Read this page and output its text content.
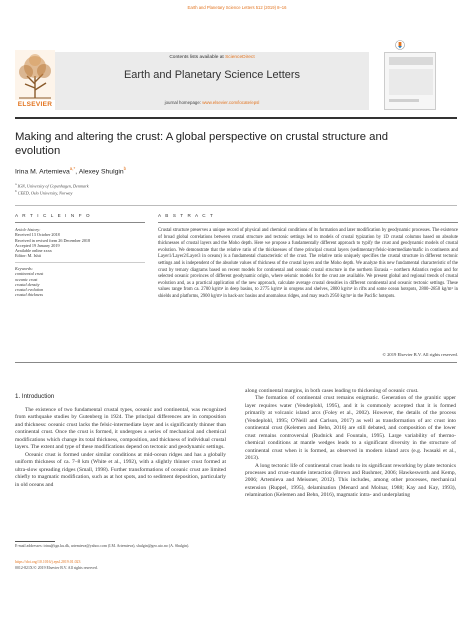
Earth and Planetary Science Letters 512 (2019) 8–16
ELSEVIER
Contents lists available at ScienceDirect
Earth and Planetary Science Letters
journal homepage: www.elsevier.com/locate/epsl
Making and altering the crust: A global perspective on crustal structure and evolution
Irina M. Artemieva$^{a,*}$, Alexey Shulgin$^b$
$^a$ IGN, University of Copenhagen, Denmark
$^b$ CEED, Oslo University, Norway
A R T I C L E I N F O	A B S T R A C T
Article history:
Received 13 October 2018
Received in revised form 26 December 2018
Accepted 19 January 2019
Available online xxxx
Editor: M. Ishii
Keywords:
continental crust
oceanic crust
crustal density
crustal evolution
crustal thickness
Crustal structure preserves a unique record of physical and chemical conditions of its formation and later modification by geodynamic processes. The existence of broad global correlations between crustal structure and tectonic settings led to models of crustal typization by 1D crustal columns based on absolute thicknesses of crustal layers and the Moho depth. Here we propose a fundamentally different approach to typify the crust and geodynamic models of crustal evolution. We demonstrate that the relative ratio of the thicknesses of three principal crustal layers (sedimentary/felsic-intermediate/mafic in continents and Layer1/Layer2/Layer3 in oceans) is a fundamental characteristic of the crust. The relative ratio uniquely specifies the crustal structure in different tectonic settings and is independent of the absolute values of thickness of the crustal layers and the Moho depth. We analyze this new fundamental characteristic of the crust by ternary diagrams based on recent models for continental and oceanic crustal structure in the northern Eurasia – northern Atlantics region and for selected oceanic provinces of different geodynamic origin, where seismic models for the crust are available. We present global and regional trends of crustal evolution and, as a practical application of the new approach, calculate average crustal densities in different continental and oceanic tectonic settings. These values range from ca. 2700 kg/m³ in deep basins, to 2775 kg/m³ in orogens and shelves, 2800 kg/m³ in rifts and some ocean hotspots, 2800–2850 kg/m³ in shields and platforms, 2900 kg/m³ in back-arc basins and anomalous ridges, and may reach 2950 kg/m³ in the Pacific hotspots.
© 2019 Elsevier B.V. All rights reserved.
1. Introduction

The existence of two fundamental crustal types, oceanic and continental, was recognized from earthquake studies by Gutenberg in 1924. The principal differences are in composition and thickness: oceanic crust lacks the felsic-intermediate layer and is significantly thinner than continental crust. Once the crust is formed, it undergoes a series of mechanical and chemical modifications which change its total thickness, composition, and thickness of individual crustal layers. The extent and type of these modifications depend on tectonic and geodynamic settings.

Oceanic crust is formed under similar conditions at mid-ocean ridges and has a globally uniform thickness of ca. 7–8 km (White et al., 1992), with a slightly thinner crust formed at ultra-slow spreading ridges (Small, 1998). Further transformations of oceanic crust are limited chiefly to magmatic modification, such as at hot spots, and to sediment deposition, particularly in old oceans and

along continental margins, in both cases leading to thickening of oceanic crust.

The formation of continental crust remains enigmatic. Generation of the granitic upper layer requires water (Vendeplohl, 1995), and it is commonly accepted that it is formed primarily at volcanic island arcs (Foley et al., 2002). However, the details of the process (Vendeplohl, 1995; O'Neill and Carlson, 2017) as well as transformation of arc crust into continental crust (Kelemen and Behn, 2016) are still debated, and composition of the lower crust remains controversial (Rudnick and Fountain, 1995). Large variability of thermo-chemical conditions at mantle wedges leads to a significant diversity in the structure of continental crust when it is formed, as observed in modern island arcs (e.g. Iwasaki et al., 2013).

A long tectonic life of continental crust leads to its significant reworking by plate tectonics processes and crust–mantle interaction (Brown and Rushmer, 2006; Hawkesworth and Kemp, 2006; Artemieva and Meissner, 2012). This includes, among other processes, mechanical extension (Ruppel, 1995), delamination (Menard and Molnar, 1988; Kay and Kay, 1993), relamination (Kelemen and Behn, 2016), magmatic intra- and underplating

E-mail addresses: irina@ign.ku.dk, artemieva@yahoo.com (I.M. Artemieva), shulgin@geo.uio.no (A. Shulgin).
https://doi.org/10.1016/j.epsl.2019.01.023
0012-821X/© 2019 Elsevier B.V. All rights reserved.
